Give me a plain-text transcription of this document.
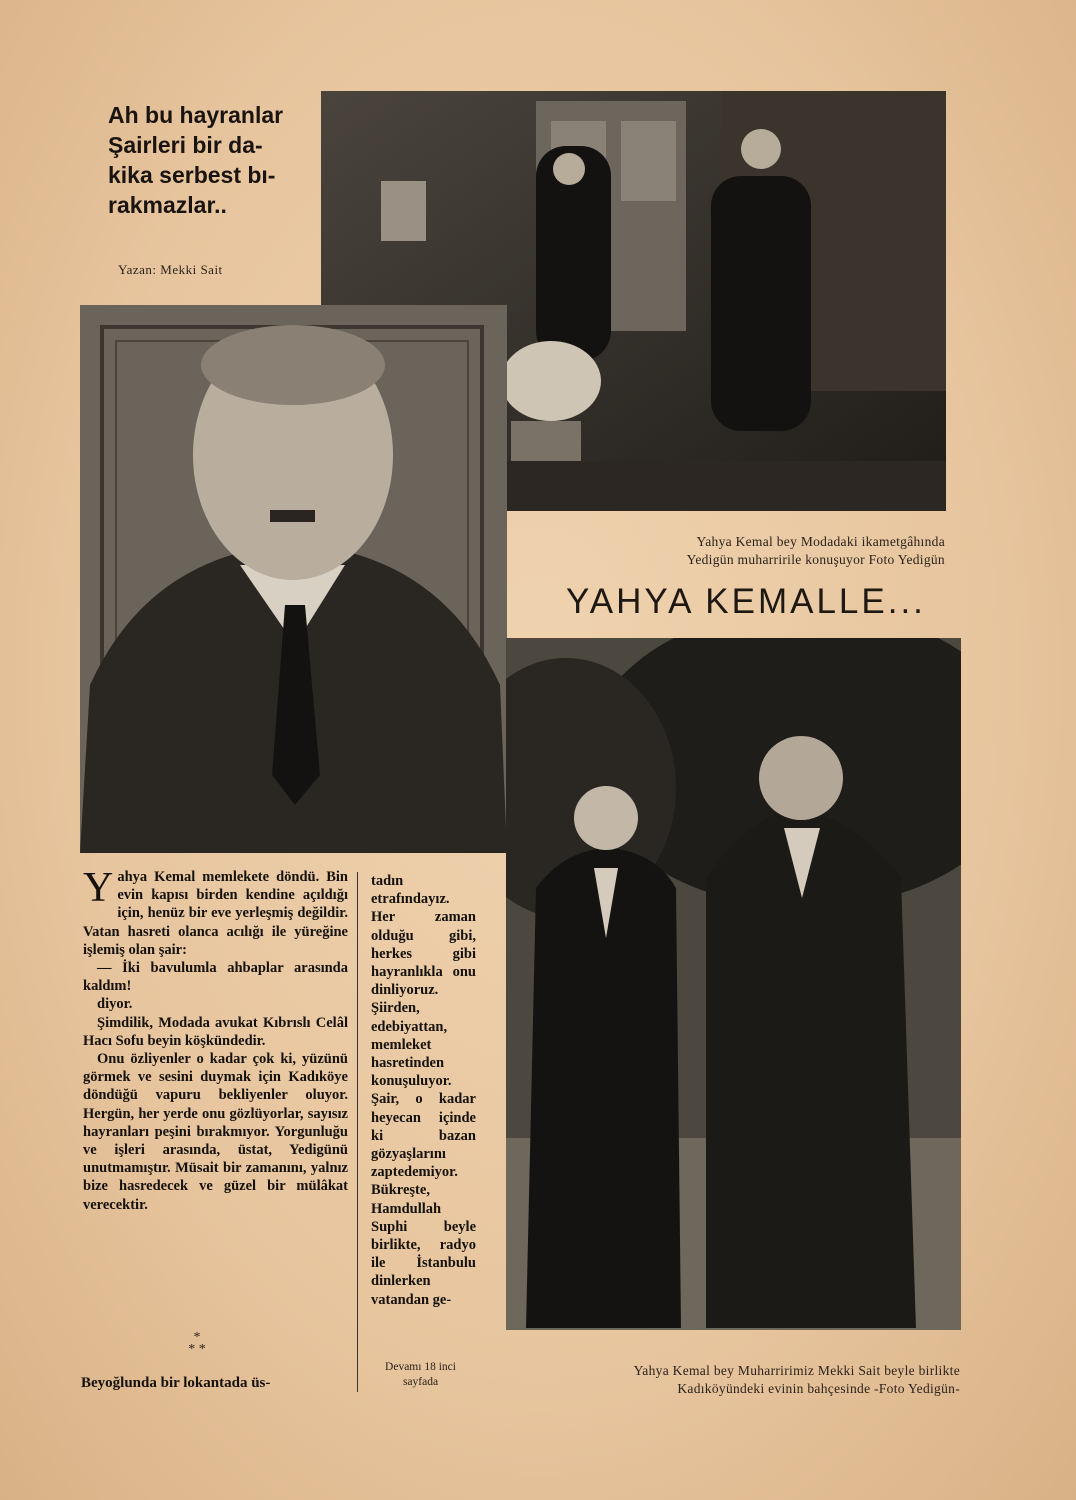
Ah bu hayranlar
Şairleri bir da-
kika serbest bı-
rakmazlar..
Yazan: Mekki Sait
Yahya Kemal bey Modadaki ikametgâhında
Yedigün muharririle konuşuyor Foto Yedigün
YAHYA KEMALLE...
Yahya Kemal bey Muharririmiz Mekki Sait beyle birlikte
Kadıköyündeki evinin bahçesinde -Foto Yedigün-

Yahya Kemal memlekete döndü. Bin evin kapısı birden kendine açıldığı için, henüz bir eve yerleşmiş değildir. Vatan hasreti olanca acılığı ile yüreğine işlemiş olan şair:

— İki bavulumla ahbaplar arasında kaldım!

diyor.

Şimdilik, Modada avukat Kıbrıslı Celâl Hacı Sofu beyin köşkündedir.

Onu özliyenler o kadar çok ki, yüzünü görmek ve sesini duymak için Kadıköye döndüğü vapuru bekliyenler oluyor. Hergün, her yerde onu gözlüyorlar, sayısız hayranları peşini bırakmıyor. Yorgunluğu ve işleri arasında, üstat, Yedigünü unutmamıştır. Müsait bir zamanını, yalnız bize hasredecek ve güzel bir mülâkat verecektir.

*
* *
Beyoğlunda bir lokantada üs-
tadın etrafındayız. Her zaman olduğu gibi, herkes gibi hayranlıkla onu dinliyoruz. Şiirden, edebiyattan, memleket hasretinden konuşuluyor. Şair, o kadar heyecan içinde ki bazan gözyaşlarını zaptedemiyor. Bükreşte, Hamdullah Suphi beyle birlikte, radyo ile İstanbulu dinlerken vatandan ge-
Devamı 18 inci
sayfada
